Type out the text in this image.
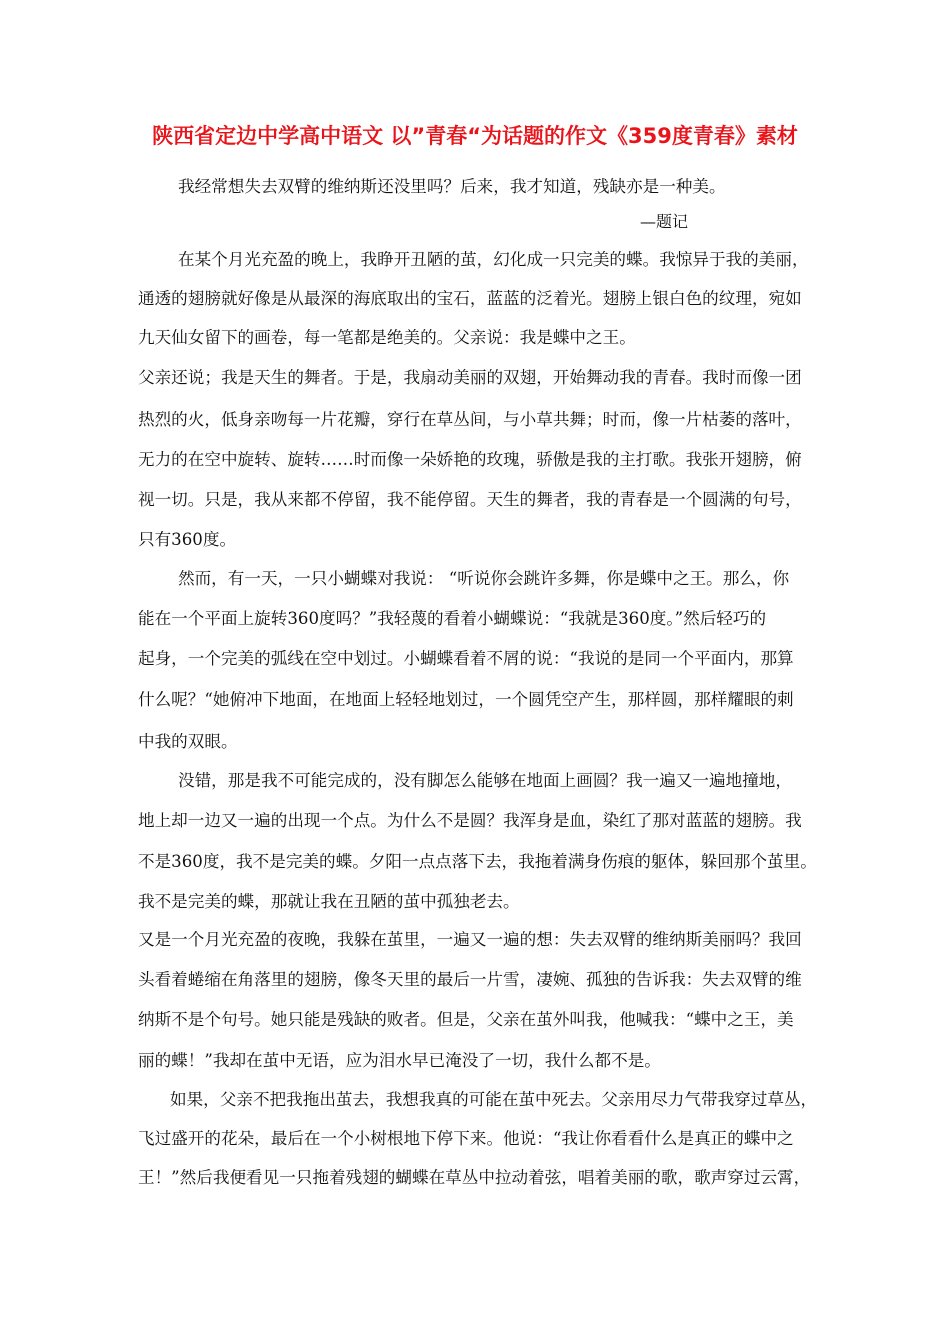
陕西省定边中学高中语文 以”青春“为话题的作文《359度青春》素材
我经常想失去双臂的维纳斯还没里吗？后来，我才知道，残缺亦是一种美。
—题记
在某个月光充盈的晚上，我睁开丑陋的茧，幻化成一只完美的蝶。我惊异于我的美丽，
通透的翅膀就好像是从最深的海底取出的宝石，蓝蓝的泛着光。翅膀上银白色的纹理，宛如
九天仙女留下的画卷，每一笔都是绝美的。父亲说：我是蝶中之王。
父亲还说；我是天生的舞者。于是，我扇动美丽的双翅，开始舞动我的青春。我时而像一团
热烈的火，低身亲吻每一片花瓣，穿行在草丛间，与小草共舞；时而，像一片枯萎的落叶，
无力的在空中旋转、旋转……时而像一朵娇艳的玫瑰，骄傲是我的主打歌。我张开翅膀，俯
视一切。只是，我从来都不停留，我不能停留。天生的舞者，我的青春是一个圆满的句号，
只有360度。
然而，有一天，一只小蝴蝶对我说： “听说你会跳许多舞，你是蝶中之王。那么，你
能在一个平面上旋转360度吗？”我轻蔑的看着小蝴蝶说：“我就是360度。”然后轻巧的
起身，一个完美的弧线在空中划过。小蝴蝶看着不屑的说：“我说的是同一个平面内，那算
什么呢？“她俯冲下地面，在地面上轻轻地划过，一个圆凭空产生，那样圆，那样耀眼的刺
中我的双眼。
没错，那是我不可能完成的，没有脚怎么能够在地面上画圆？我一遍又一遍地撞地，
地上却一边又一遍的出现一个点。为什么不是圆？我浑身是血，染红了那对蓝蓝的翅膀。我
不是360度，我不是完美的蝶。夕阳一点点落下去，我拖着满身伤痕的躯体，躲回那个茧里。
我不是完美的蝶，那就让我在丑陋的茧中孤独老去。
又是一个月光充盈的夜晚，我躲在茧里，一遍又一遍的想：失去双臂的维纳斯美丽吗？我回
头看着蜷缩在角落里的翅膀，像冬天里的最后一片雪，凄婉、孤独的告诉我：失去双臂的维
纳斯不是个句号。她只能是残缺的败者。但是，父亲在茧外叫我，他喊我：“蝶中之王，美
丽的蝶！”我却在茧中无语，应为泪水早已淹没了一切，我什么都不是。
如果，父亲不把我拖出茧去，我想我真的可能在茧中死去。父亲用尽力气带我穿过草丛，
飞过盛开的花朵，最后在一个小树根地下停下来。他说：“我让你看看什么是真正的蝶中之
王！”然后我便看见一只拖着残翅的蝴蝶在草丛中拉动着弦，唱着美丽的歌，歌声穿过云霄，
